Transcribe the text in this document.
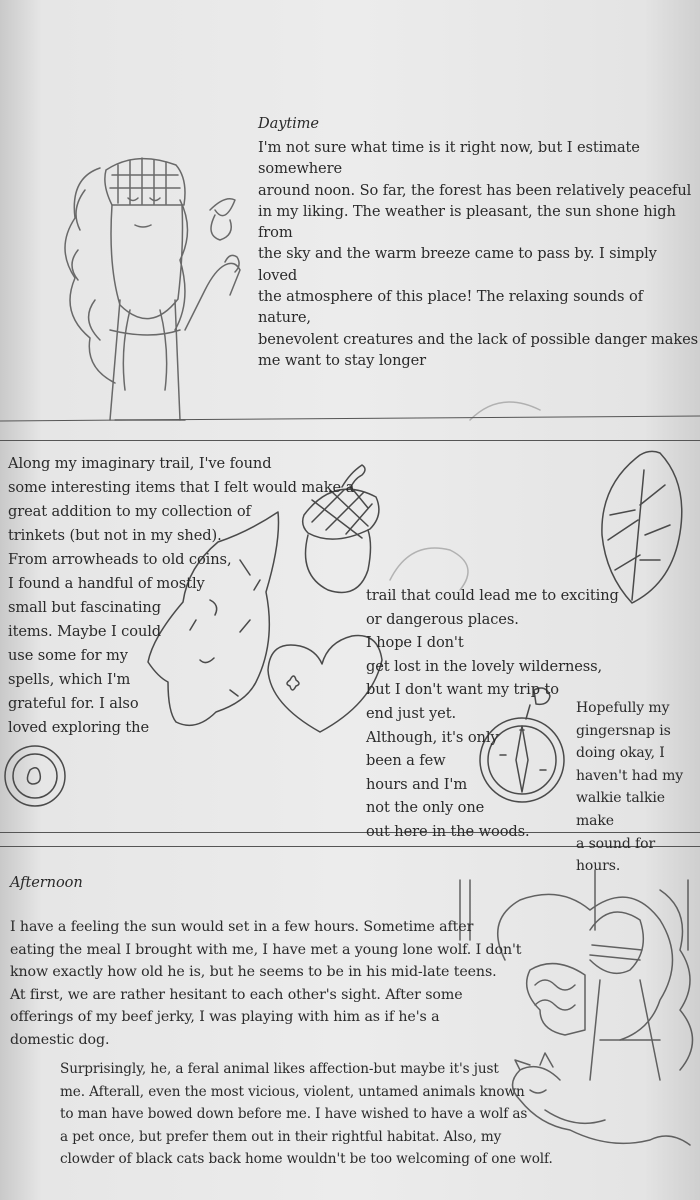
Daytime
I'm not sure what time is it right now, but I estimate somewhere
around noon. So far, the forest has been relatively peaceful
in my liking. The weather is pleasant, the sun shone high from
the sky and the warm breeze came to pass by. I simply loved
the atmosphere of this place! The relaxing sounds of nature,
benevolent creatures and the lack of possible danger makes
me want to stay longer
Along my imaginary trail, I've found
some interesting items that I felt would make a
great addition to my collection of
trinkets (but not in my shed).
From arrowheads to old coins,
I found a handful of mostly
small but fascinating
items. Maybe I could
use some for my
spells, which I'm
grateful for. I also
loved exploring the
trail that could lead me to exciting
or dangerous places.
I hope I don't
get lost in the lovely wilderness,
but I don't want my trip to
end just yet.
Although, it's only
been a few
hours and I'm
not the only one
out here in the woods.
Hopefully my
gingersnap is
doing okay, I
haven't had my
walkie talkie make
a sound for hours.
Afternoon
I have a feeling the sun would set in a few hours. Sometime after
eating the meal I brought with me, I have met a young lone wolf. I don't
know exactly how old he is, but he seems to be in his mid-late teens.
At first, we are rather hesitant to each other's sight. After some
offerings of my beef jerky, I was playing with him as if he's a
domestic dog.
Surprisingly, he, a feral animal likes affection-but maybe it's just
me. Afterall, even the most vicious, violent, untamed animals known
to man have bowed down before me. I have wished to have a wolf as
a pet once, but prefer them out in their rightful habitat. Also, my
clowder of black cats back home wouldn't be too welcoming of one wolf.
